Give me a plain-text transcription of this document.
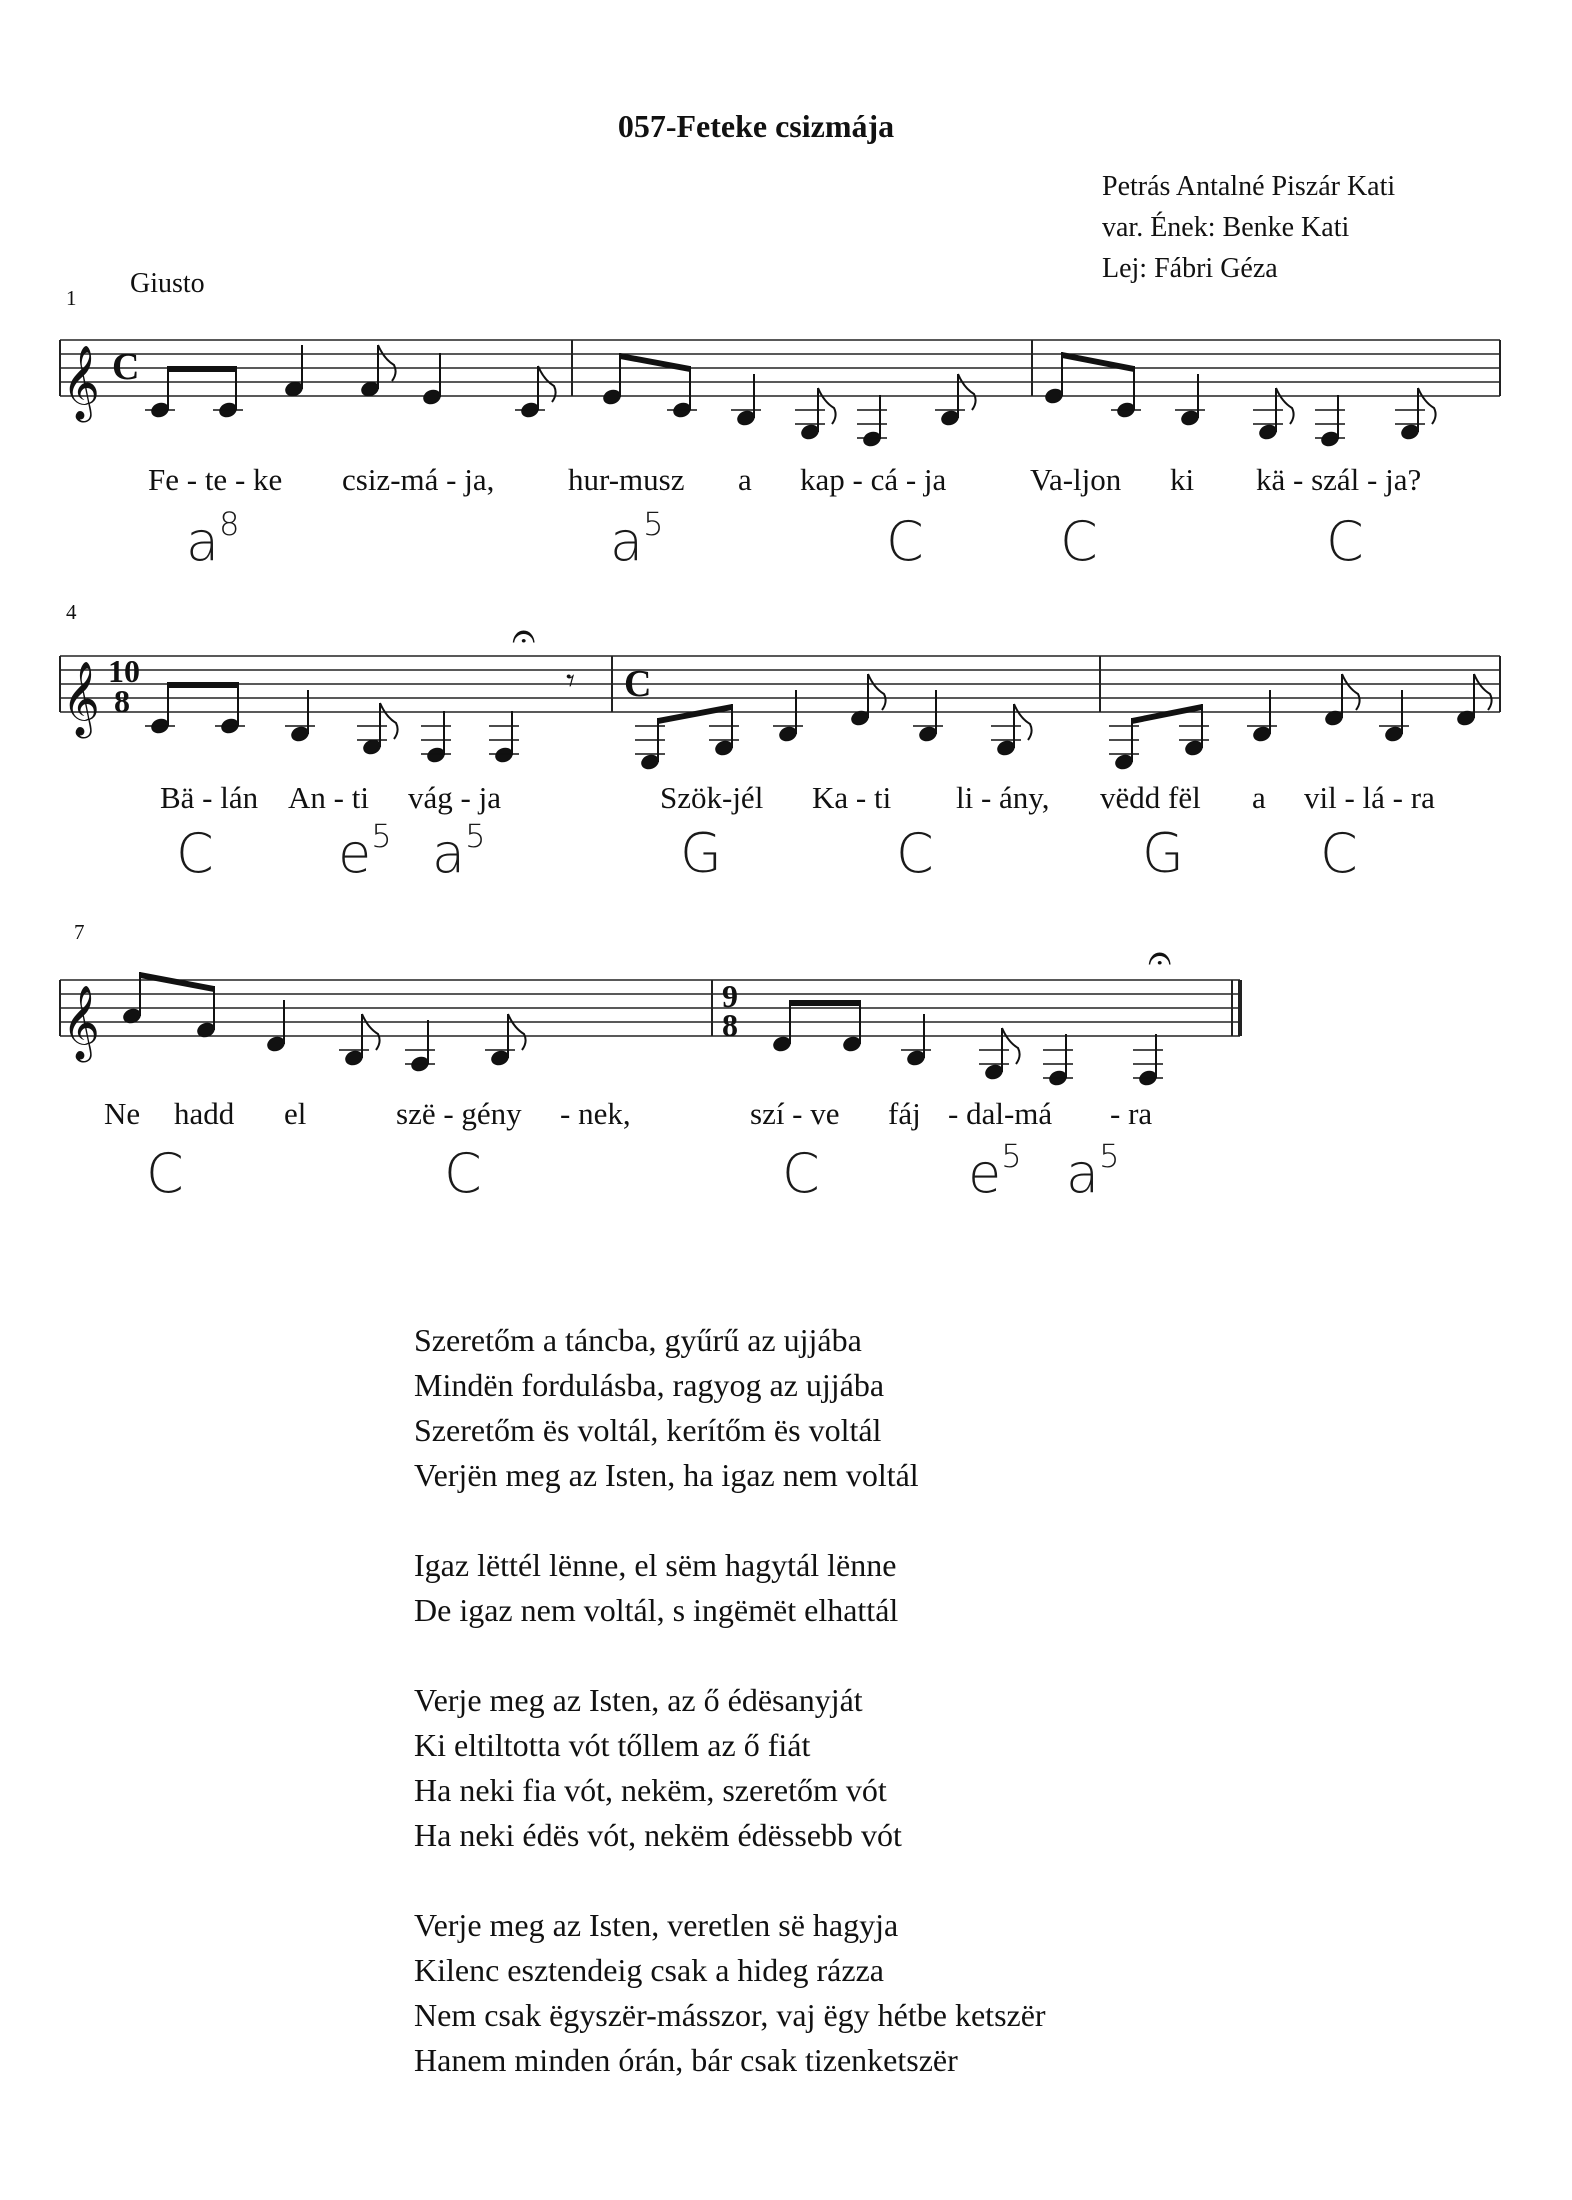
057-Feteke csizmája
Petrás Antalné Piszár Kati
var. Ének: Benke Kati
Lej: Fábri Géza
Giusto
1
4
7
𝄞
𝄞
𝄞
C
10
8	C
9
8
𝄐
𝄐
𝄾
Fe - te - ke csiz-má - ja, hur-musz a kap - cá - ja	Va-ljon ki kä - szál - ja?
$a^8$	$a^5$	C	C	C
Bä - lán An - ti vág - ja	Szök-jél Ka - ti li - ány, vëdd fël a vil - lá - ra
C $e^5$ $a^5$	G	C	G	C
Ne hadd el	szë - gény - nek,	szí - ve fáj - dal-má - ra
C	C	C	$e^5$ $a^5$
Szeretőm a táncba, gyűrű az ujjába
Mindën fordulásba, ragyog az ujjába
Szeretőm ës voltál, kerítőm ës voltál
Verjën meg az Isten, ha igaz nem voltál
Igaz lëttél lënne, el sëm hagytál lënne
De igaz nem voltál, s ingëmët elhattál
Verje meg az Isten, az ő édësanyját
Ki eltiltotta vót tőllem az ő fiát
Ha neki fia vót, nekëm, szeretőm vót
Ha neki édës vót, nekëm édëssebb vót
Verje meg az Isten, veretlen së hagyja
Kilenc esztendeig csak a hideg rázza
Nem csak ëgyszër-másszor, vaj ëgy hétbe ketszër
Hanem minden órán, bár csak tizenketszër
